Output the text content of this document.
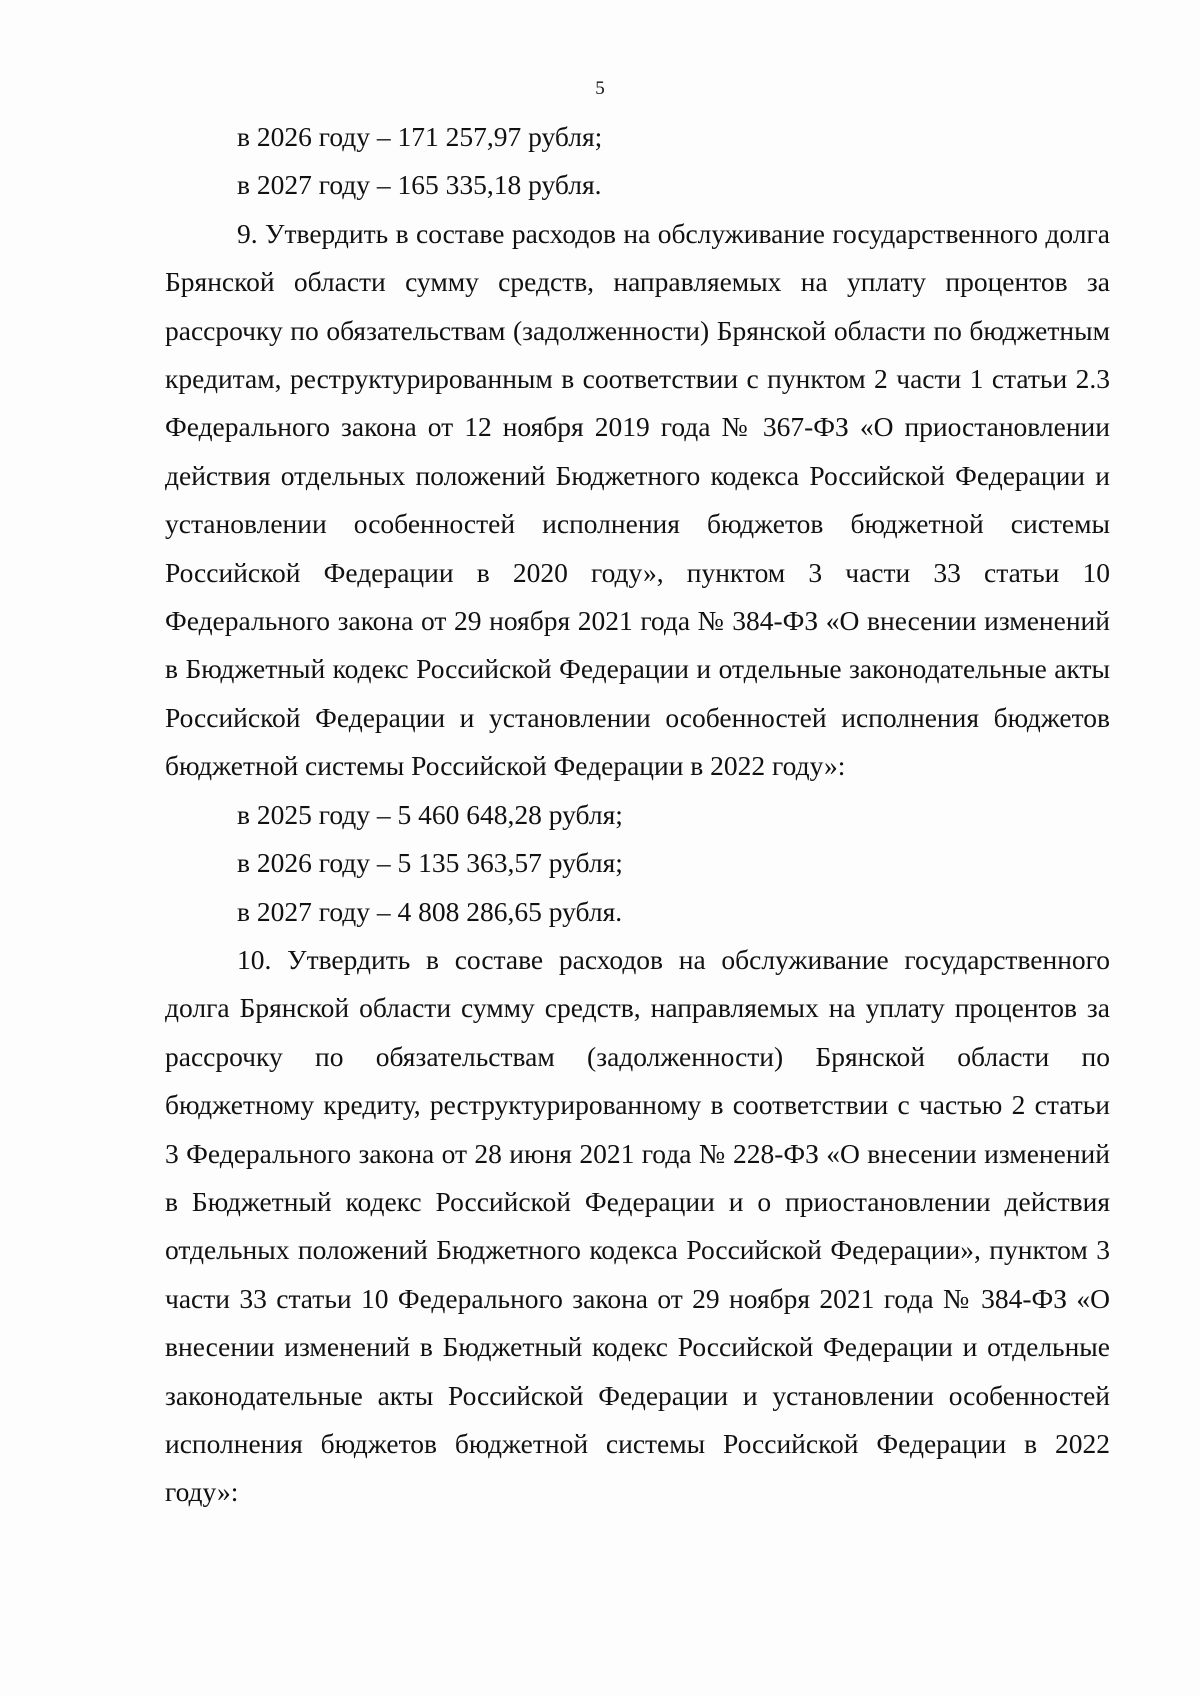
5
в 2026 году – 171 257,97 рубля;
в 2027 году – 165 335,18 рубля.

9. Утвердить в составе расходов на обслуживание государственного долга Брянской области сумму средств, направляемых на уплату процентов за рассрочку по обязательствам (задолженности) Брянской области по бюджетным кредитам, реструктурированным в соответствии с пунктом 2 части 1 статьи 2.3 Федерального закона от 12 ноября 2019 года № 367-ФЗ «О приостановлении действия отдельных положений Бюджетного кодекса Российской Федерации и установлении особенностей исполнения бюджетов бюджетной системы Российской Федерации в 2020 году», пунктом 3 части 33 статьи 10 Федерального закона от 29 ноября 2021 года № 384-ФЗ «О внесении изменений в Бюджетный кодекс Российской Федерации и отдельные законодательные акты Российской Федерации и установлении особенностей исполнения бюджетов бюджетной системы Российской Федерации в 2022 году»:

в 2025 году – 5 460 648,28 рубля;
в 2026 году – 5 135 363,57 рубля;
в 2027 году – 4 808 286,65 рубля.

10. Утвердить в составе расходов на обслуживание государственного долга Брянской области сумму средств, направляемых на уплату процентов за рассрочку по обязательствам (задолженности) Брянской области по бюджетному кредиту, реструктурированному в соответствии с частью 2 статьи 3 Федерального закона от 28 июня 2021 года № 228-ФЗ «О внесении изменений в Бюджетный кодекс Российской Федерации и о приостановлении действия отдельных положений Бюджетного кодекса Российской Федерации», пунктом 3 части 33 статьи 10 Федерального закона от 29 ноября 2021 года № 384-ФЗ «О внесении изменений в Бюджетный кодекс Российской Федерации и отдельные законодательные акты Российской Федерации и установлении особенностей исполнения бюджетов бюджетной системы Российской Федерации в 2022 году»:
